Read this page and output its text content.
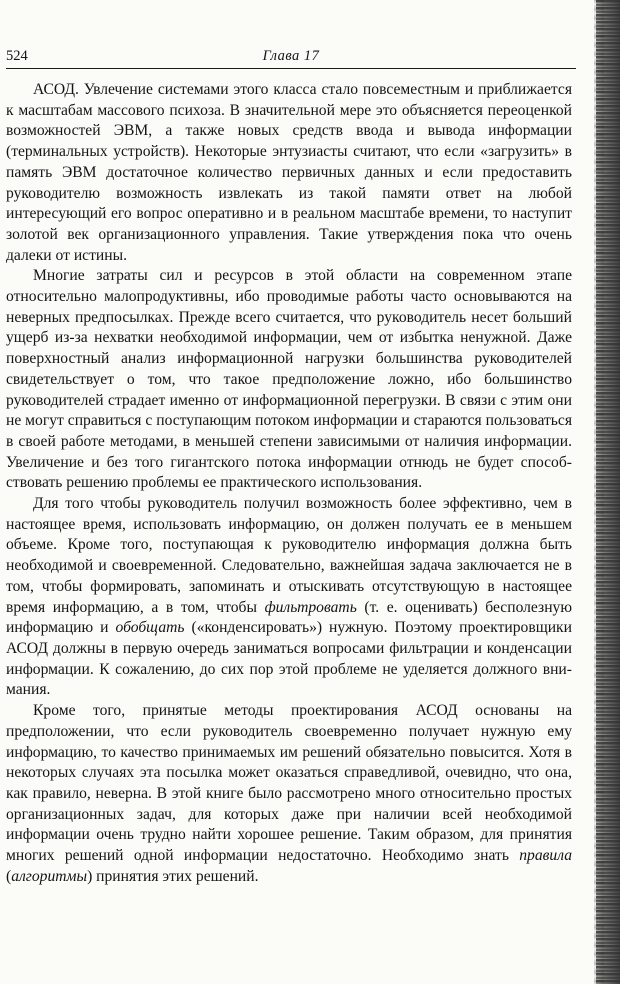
524	Глава 17

АСОД. Увлечение системами этого класса стало повсеместным и приближается к масштабам массового психоза. В значительной мере это объясняется переоценкой возможностей ЭВМ, а также новых средств ввода и вывода информации (терминальных устройств). Некоторые энтузиасты считают, что если «загрузить» в память ЭВМ достаточное количество первичных данных и если предоставить руководителю возможность извлекать из такой памяти ответ на любой интересующий его вопрос оперативно и в реальном масштабе времени, то наступит золотой век организационного управления. Такие утверждения пока что очень далеки от истины.

Многие затраты сил и ресурсов в этой области на современном этапе относительно малопродуктивны, ибо проводимые работы часто основываются на неверных предпосылках. Прежде всего считается, что руководитель несет больший ущерб из-за нехватки необходимой информации, чем от избытка ненужной. Даже поверхностный анализ информационной нагрузки большинства руководителей свидетельствует о том, что такое предположение ложно, ибо большинство руководителей страдает именно от информационной перегрузки. В связи с этим они не могут справиться с поступающим потоком информации и стараются пользоваться в своей работе методами, в меньшей степени зависимыми от наличия информации. Увеличение и без того гигантского потока информации отнюдь не будет способствовать решению проблемы ее практического использования.

Для того чтобы руководитель получил возможность более эффективно, чем в настоящее время, использовать информацию, он должен получать ее в меньшем объеме. Кроме того, поступающая к руководителю информация должна быть необходимой и своевременной. Следовательно, важнейшая задача заключается не в том, чтобы формировать, запоминать и отыскивать отсутствующую в настоящее время информацию, а в том, чтобы фильтровать (т. е. оценивать) бесполезную информацию и обобщать («конденсировать») нужную. Поэтому проектировщики АСОД должны в первую очередь заниматься вопросами фильтрации и конденсации информации. К сожалению, до сих пор этой проблеме не уделяется должного внимания.

Кроме того, принятые методы проектирования АСОД основаны на предположении, что если руководитель своевременно получает нужную ему информацию, то качество принимаемых им решений обязательно повысится. Хотя в некоторых случаях эта посылка может оказаться справедливой, очевидно, что она, как правило, неверна. В этой книге было рассмотрено много относительно простых организационных задач, для которых даже при наличии всей необходимой информации очень трудно найти хорошее решение. Таким образом, для принятия многих решений одной информации недостаточно. Необходимо знать правила (алгоритмы) принятия этих решений.
